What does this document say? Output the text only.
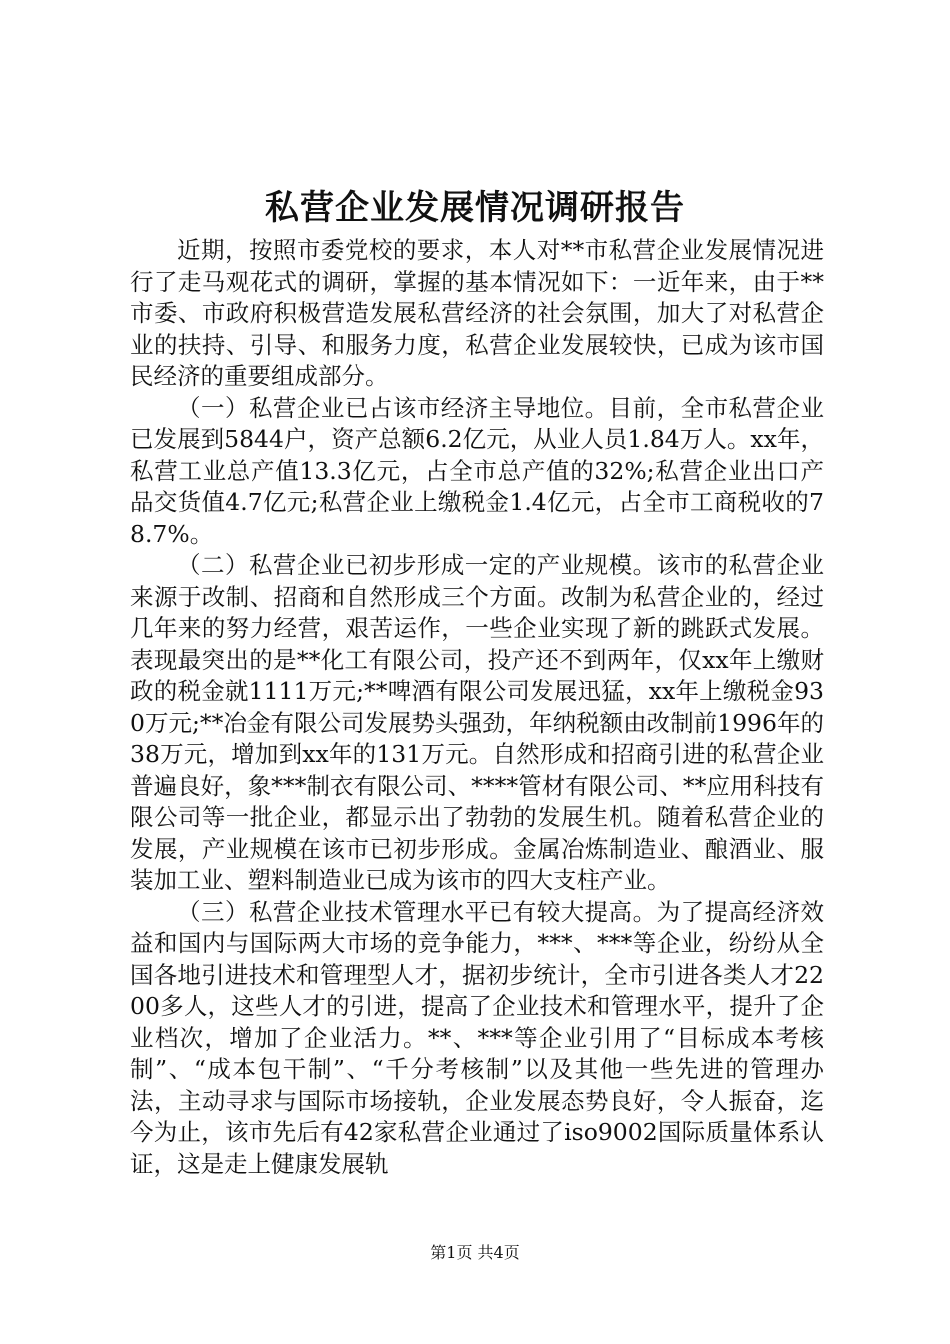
私营企业发展情况调研报告

近期，按照市委党校的要求，本人对**市私营企业发展情况进行了走马观花式的调研，掌握的基本情况如下：一近年来，由于**市委、市政府积极营造发展私营经济的社会氛围，加大了对私营企业的扶持、引导、和服务力度，私营企业发展较快，已成为该市国民经济的重要组成部分。

（一）私营企业已占该市经济主导地位。目前，全市私营企业已发展到5844户，资产总额6.2亿元，从业人员1.84万人。xx年，私营工业总产值13.3亿元，占全市总产值的32%;私营企业出口产品交货值4.7亿元;私营企业上缴税金1.4亿元，占全市工商税收的78.7%。

（二）私营企业已初步形成一定的产业规模。该市的私营企业来源于改制、招商和自然形成三个方面。改制为私营企业的，经过几年来的努力经营，艰苦运作，一些企业实现了新的跳跃式发展。表现最突出的是**化工有限公司，投产还不到两年，仅xx年上缴财政的税金就1111万元;**啤酒有限公司发展迅猛，xx年上缴税金930万元;**冶金有限公司发展势头强劲，年纳税额由改制前1996年的38万元，增加到xx年的131万元。自然形成和招商引进的私营企业普遍良好，象***制衣有限公司、****管材有限公司、**应用科技有限公司等一批企业，都显示出了勃勃的发展生机。随着私营企业的发展，产业规模在该市已初步形成。金属冶炼制造业、酿酒业、服装加工业、塑料制造业已成为该市的四大支柱产业。

（三）私营企业技术管理水平已有较大提高。为了提高经济效益和国内与国际两大市场的竞争能力，***、***等企业，纷纷从全国各地引进技术和管理型人才，据初步统计，全市引进各类人才2200多人，这些人才的引进，提高了企业技术和管理水平，提升了企业档次，增加了企业活力。**、***等企业引用了“目标成本考核制”、“成本包干制”、“千分考核制”以及其他一些先进的管理办法，主动寻求与国际市场接轨，企业发展态势良好，令人振奋，迄今为止，该市先后有42家私营企业通过了iso9002国际质量体系认证，这是走上健康发展轨

第1页 共4页
